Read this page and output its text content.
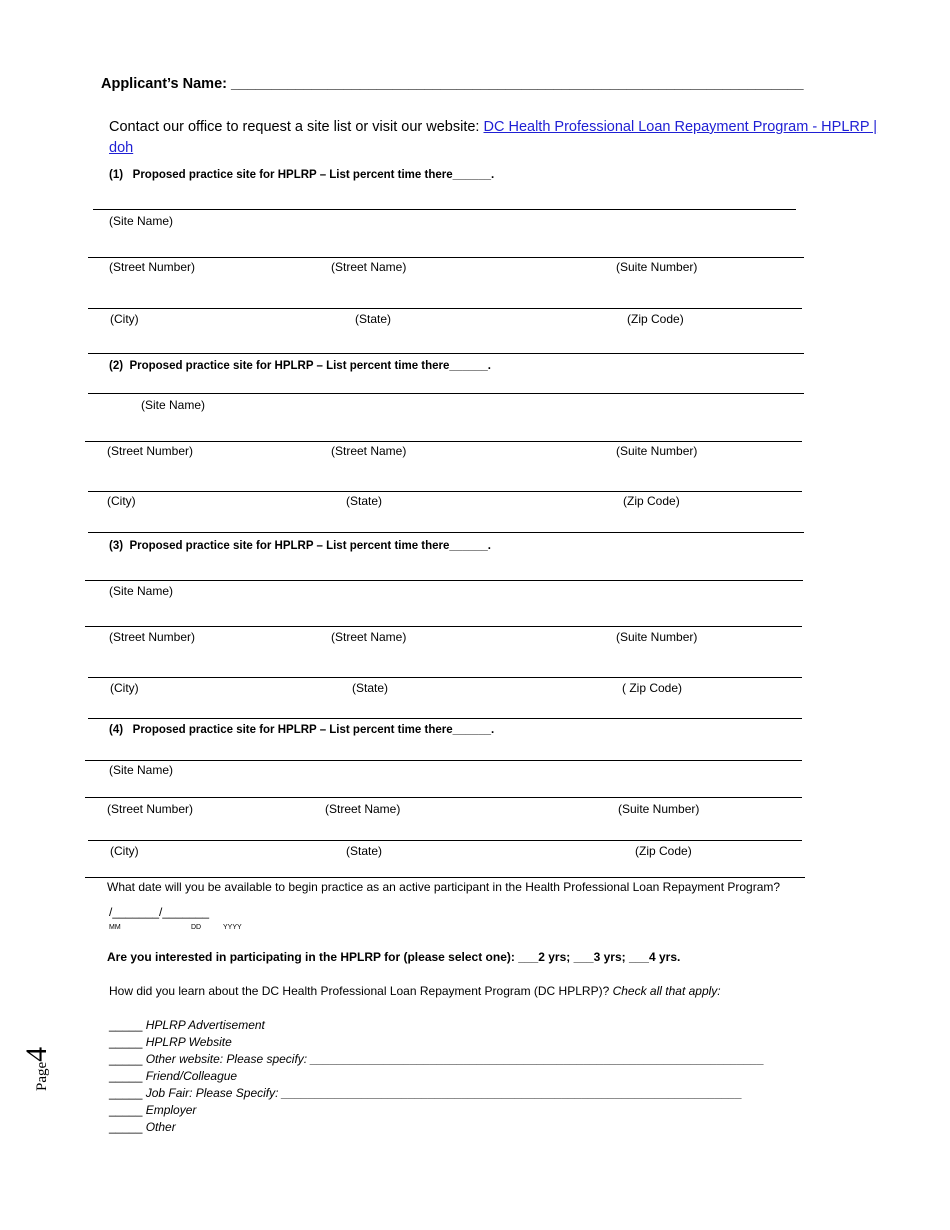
Applicant’s Name: _______________________________________________________________________
Contact our office to request a site list or visit our website: DC Health Professional Loan Repayment Program - HPLRP | doh
(1) Proposed practice site for HPLRP – List percent time there______.
(Site Name)
(Street Number)	(Street Name)	(Suite Number)
(City)	(State)	(Zip Code)
(2) Proposed practice site for HPLRP – List percent time there______.
(Site Name)
(Street Number)	(Street Name)	(Suite Number)
(City)	(State)	(Zip Code)
(3) Proposed practice site for HPLRP – List percent time there______.
(Site Name)
(Street Number)	(Street Name)	(Suite Number)
(City)	(State)	( Zip Code)
(4) Proposed practice site for HPLRP – List percent time there______.
(Site Name)
(Street Number)	(Street Name)	(Suite Number)
(City)	(State)	(Zip Code)
What date will you be available to begin practice as an active participant in the Health Professional Loan Repayment Program?
/_______/_______
MM	DD	YYYY
Are you interested in participating in the HPLRP for (please select one): ___2 yrs; ___3 yrs; ___4 yrs.
How did you learn about the DC Health Professional Loan Repayment Program (DC HPLRP)? Check all that apply:
_____ HPLRP Advertisement
_____ HPLRP Website
_____ Other website: Please specify: ____________________________________________________________________
_____ Friend/Colleague
_____ Job Fair: Please Specify: _____________________________________________________________________
_____ Employer
_____ Other
Page4
